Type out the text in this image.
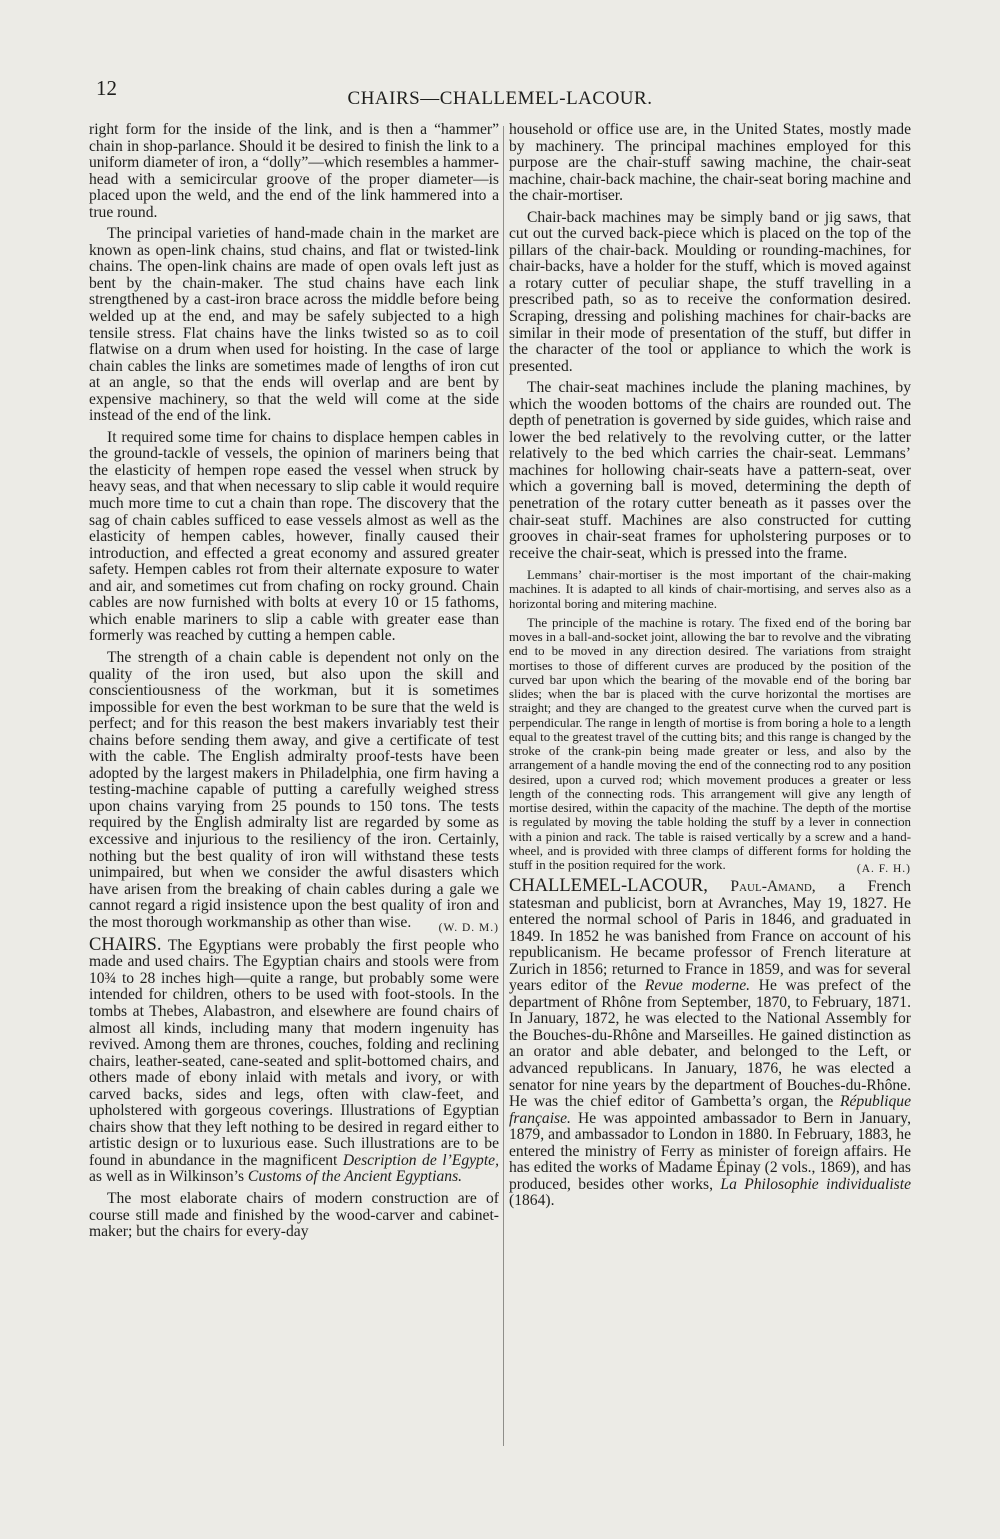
12	CHAIRS—CHALLEMEL-LACOUR.

right form for the inside of the link, and is then a “hammer” chain in shop-parlance. Should it be desired to finish the link to a uniform diameter of iron, a “dolly”—which resembles a hammer-head with a semicircular groove of the proper diameter—is placed upon the weld, and the end of the link hammered into a true round.

The principal varieties of hand-made chain in the market are known as open-link chains, stud chains, and flat or twisted-link chains. The open-link chains are made of open ovals left just as bent by the chain-maker. The stud chains have each link strengthened by a cast-iron brace across the middle before being welded up at the end, and may be safely subjected to a high tensile stress. Flat chains have the links twisted so as to coil flatwise on a drum when used for hoisting. In the case of large chain cables the links are sometimes made of lengths of iron cut at an angle, so that the ends will overlap and are bent by expensive machinery, so that the weld will come at the side instead of the end of the link.

It required some time for chains to displace hempen cables in the ground-tackle of vessels, the opinion of mariners being that the elasticity of hempen rope eased the vessel when struck by heavy seas, and that when necessary to slip cable it would require much more time to cut a chain than rope. The discovery that the sag of chain cables sufficed to ease vessels almost as well as the elasticity of hempen cables, however, finally caused their introduction, and effected a great economy and assured greater safety. Hempen cables rot from their alternate exposure to water and air, and sometimes cut from chafing on rocky ground. Chain cables are now furnished with bolts at every 10 or 15 fathoms, which enable mariners to slip a cable with greater ease than formerly was reached by cutting a hempen cable.

The strength of a chain cable is dependent not only on the quality of the iron used, but also upon the skill and conscientiousness of the workman, but it is sometimes impossible for even the best workman to be sure that the weld is perfect; and for this reason the best makers invariably test their chains before sending them away, and give a certificate of test with the cable. The English admiralty proof-tests have been adopted by the largest makers in Philadelphia, one firm having a testing-machine capable of putting a carefully weighed stress upon chains varying from 25 pounds to 150 tons. The tests required by the English admiralty list are regarded by some as excessive and injurious to the resiliency of the iron. Certainly, nothing but the best quality of iron will withstand these tests unimpaired, but when we consider the awful disasters which have arisen from the breaking of chain cables during a gale we cannot regard a rigid insistence upon the best quality of iron and the most thorough workmanship as other than wise.	(W. D. M.)

CHAIRS. The Egyptians were probably the first people who made and used chairs. The Egyptian chairs and stools were from 10¾ to 28 inches high—quite a range, but probably some were intended for children, others to be used with foot-stools. In the tombs at Thebes, Alabastron, and elsewhere are found chairs of almost all kinds, including many that modern ingenuity has revived. Among them are thrones, couches, folding and reclining chairs, leather-seated, cane-seated and split-bottomed chairs, and others made of ebony inlaid with metals and ivory, or with carved backs, sides and legs, often with claw-feet, and upholstered with gorgeous coverings. Illustrations of Egyptian chairs show that they left nothing to be desired in regard either to artistic design or to luxurious ease. Such illustrations are to be found in abundance in the magnificent Description de l’Egypte, as well as in Wilkinson’s Customs of the Ancient Egyptians.

The most elaborate chairs of modern construction are of course still made and finished by the wood-carver and cabinet-maker; but the chairs for every-day

household or office use are, in the United States, mostly made by machinery. The principal machines employed for this purpose are the chair-stuff sawing machine, the chair-seat machine, chair-back machine, the chair-seat boring machine and the chair-mortiser.

Chair-back machines may be simply band or jig saws, that cut out the curved back-piece which is placed on the top of the pillars of the chair-back. Moulding or rounding-machines, for chair-backs, have a holder for the stuff, which is moved against a rotary cutter of peculiar shape, the stuff travelling in a prescribed path, so as to receive the conformation desired. Scraping, dressing and polishing machines for chair-backs are similar in their mode of presentation of the stuff, but differ in the character of the tool or appliance to which the work is presented.

The chair-seat machines include the planing machines, by which the wooden bottoms of the chairs are rounded out. The depth of penetration is governed by side guides, which raise and lower the bed relatively to the revolving cutter, or the latter relatively to the bed which carries the chair-seat. Lemmans’ machines for hollowing chair-seats have a pattern-seat, over which a governing ball is moved, determining the depth of penetration of the rotary cutter beneath as it passes over the chair-seat stuff. Machines are also constructed for cutting grooves in chair-seat frames for upholstering purposes or to receive the chair-seat, which is pressed into the frame.

Lemmans’ chair-mortiser is the most important of the chair-making machines. It is adapted to all kinds of chair-mortising, and serves also as a horizontal boring and mitering machine.

The principle of the machine is rotary. The fixed end of the boring bar moves in a ball-and-socket joint, allowing the bar to revolve and the vibrating end to be moved in any direction desired. The variations from straight mortises to those of different curves are produced by the position of the curved bar upon which the bearing of the movable end of the boring bar slides; when the bar is placed with the curve horizontal the mortises are straight; and they are changed to the greatest curve when the curved part is perpendicular. The range in length of mortise is from boring a hole to a length equal to the greatest travel of the cutting bits; and this range is changed by the stroke of the crank-pin being made greater or less, and also by the arrangement of a handle moving the end of the connecting rod to any position desired, upon a curved rod; which movement produces a greater or less length of the connecting rods. This arrangement will give any length of mortise desired, within the capacity of the machine. The depth of the mortise is regulated by moving the table holding the stuff by a lever in connection with a pinion and rack. The table is raised vertically by a screw and a hand-wheel, and is provided with three clamps of different forms for holding the stuff in the position required for the work.	(A. F. H.)

CHALLEMEL-LACOUR, Paul-Amand, a French statesman and publicist, born at Avranches, May 19, 1827. He entered the normal school of Paris in 1846, and graduated in 1849. In 1852 he was banished from France on account of his republicanism. He became professor of French literature at Zurich in 1856; returned to France in 1859, and was for several years editor of the Revue moderne. He was prefect of the department of Rhône from September, 1870, to February, 1871. In January, 1872, he was elected to the National Assembly for the Bouches-du-Rhône and Marseilles. He gained distinction as an orator and able debater, and belonged to the Left, or advanced republicans. In January, 1876, he was elected a senator for nine years by the department of Bouches-du-Rhône. He was the chief editor of Gambetta’s organ, the République française. He was appointed ambassador to Bern in January, 1879, and ambassador to London in 1880. In February, 1883, he entered the ministry of Ferry as minister of foreign affairs. He has edited the works of Madame Épinay (2 vols., 1869), and has produced, besides other works, La Philosophie individualiste (1864).
